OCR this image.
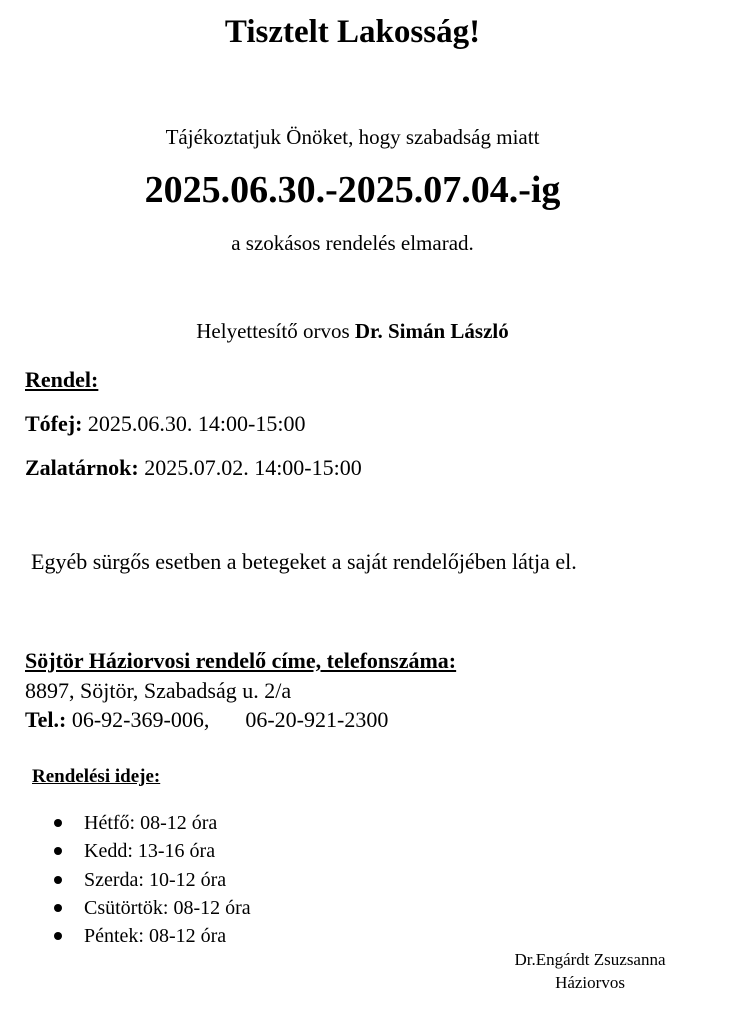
Tisztelt Lakosság!
Tájékoztatjuk Önöket, hogy szabadság miatt
2025.06.30.-2025.07.04.-ig
a szokásos rendelés elmarad.
Helyettesítő orvos Dr. Simán László
Rendel:
Tófej: 2025.06.30. 14:00-15:00
Zalatárnok: 2025.07.02. 14:00-15:00
Egyéb sürgős esetben a betegeket a saját rendelőjében látja el.
Söjtör Háziorvosi rendelő címe, telefonszáma:
8897, Söjtör, Szabadság u. 2/a
Tel.: 06-92-369-006, 06-20-921-2300
Rendelési ideje:
Hétfő: 08-12 óra
Kedd: 13-16 óra
Szerda: 10-12 óra
Csütörtök: 08-12 óra
Péntek: 08-12 óra
Dr.Engárdt Zsuzsanna
Háziorvos
